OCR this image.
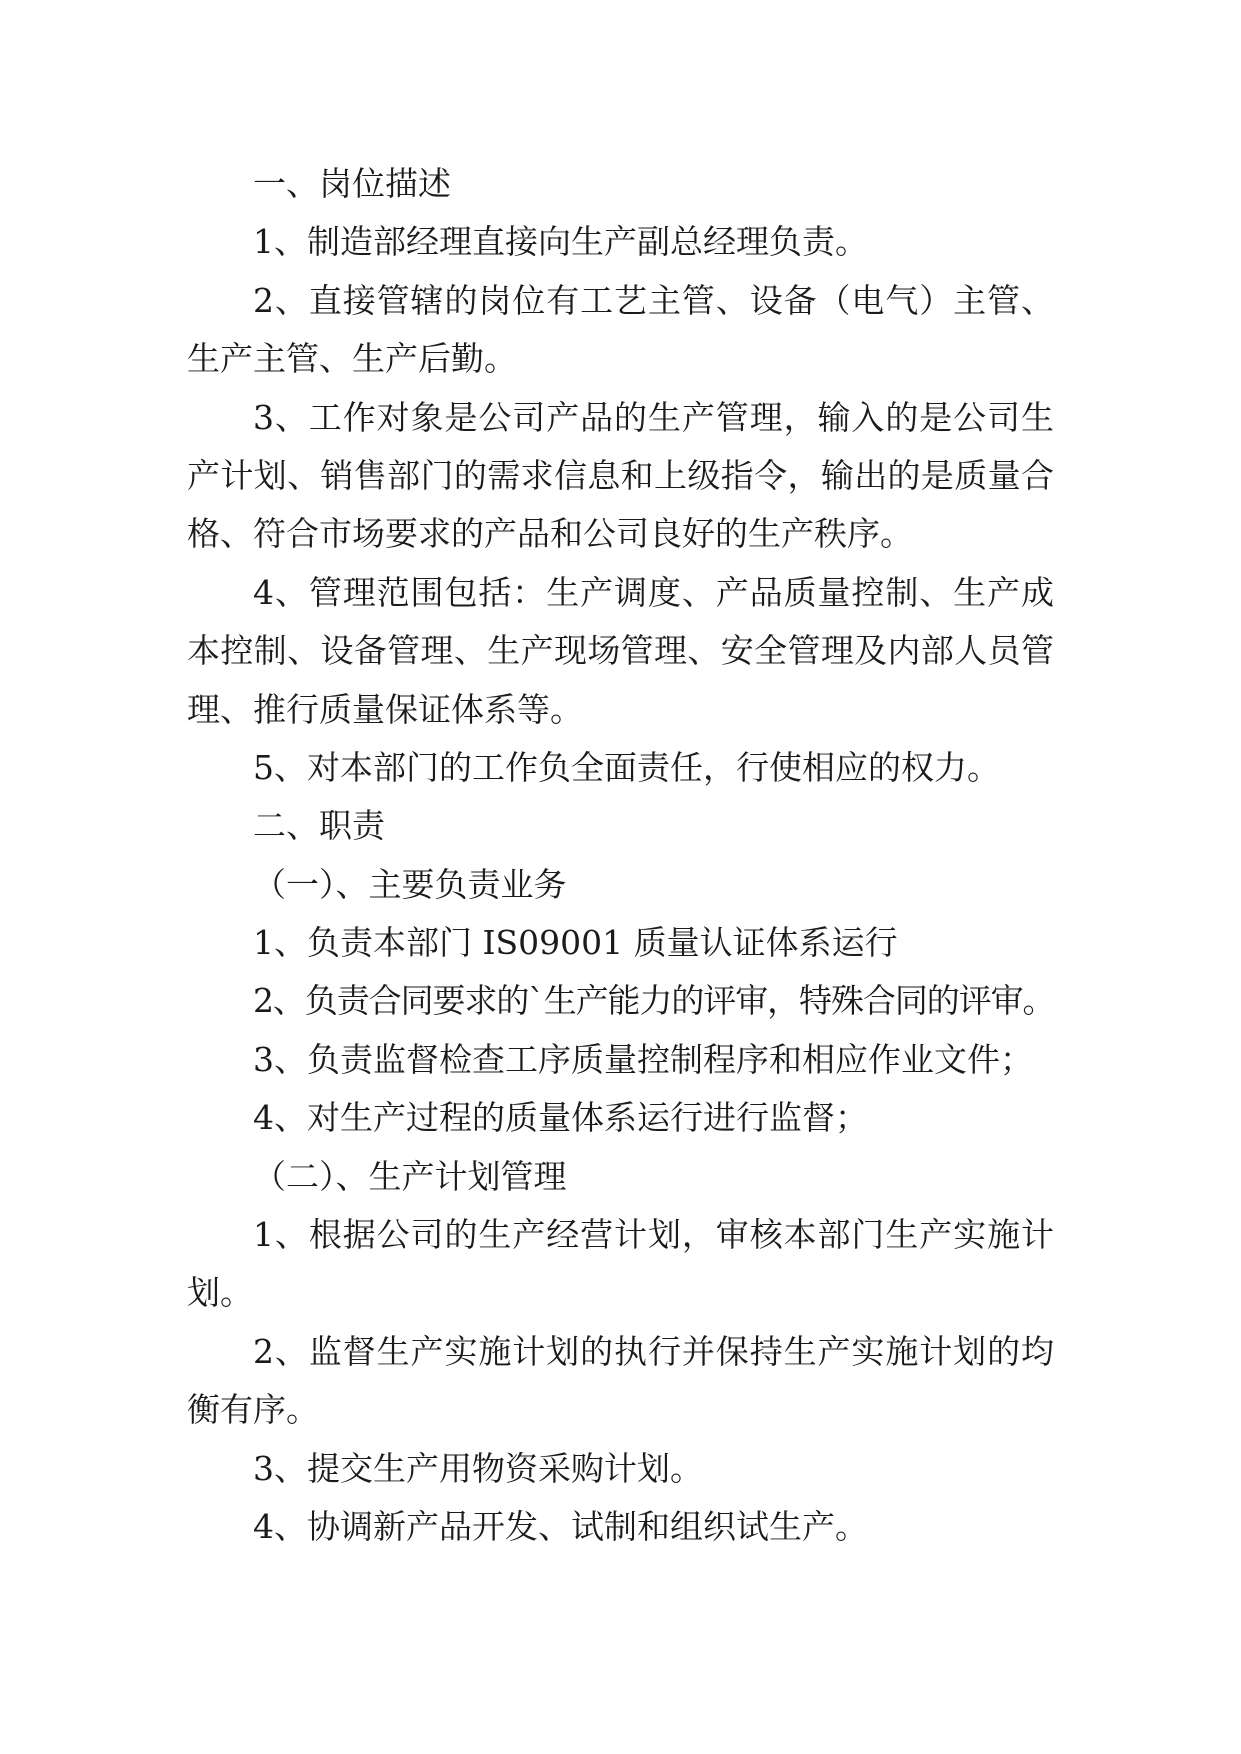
一、岗位描述
1、制造部经理直接向生产副总经理负责。
2、直接管辖的岗位有工艺主管、设备（电气）主管、
生产主管、生产后勤。
3、工作对象是公司产品的生产管理，输入的是公司生
产计划、销售部门的需求信息和上级指令，输出的是质量合
格、符合市场要求的产品和公司良好的生产秩序。
4、管理范围包括：生产调度、产品质量控制、生产成
本控制、设备管理、生产现场管理、安全管理及内部人员管
理、推行质量保证体系等。
5、对本部门的工作负全面责任，行使相应的权力。
二、职责
（一）、主要负责业务
1、负责本部门 IS09001 质量认证体系运行
2、负责合同要求的`生产能力的评审，特殊合同的评审。
3、负责监督检查工序质量控制程序和相应作业文件；
4、对生产过程的质量体系运行进行监督；
（二）、生产计划管理
1、根据公司的生产经营计划，审核本部门生产实施计
划。
2、监督生产实施计划的执行并保持生产实施计划的均
衡有序。
3、提交生产用物资采购计划。
4、协调新产品开发、试制和组织试生产。
